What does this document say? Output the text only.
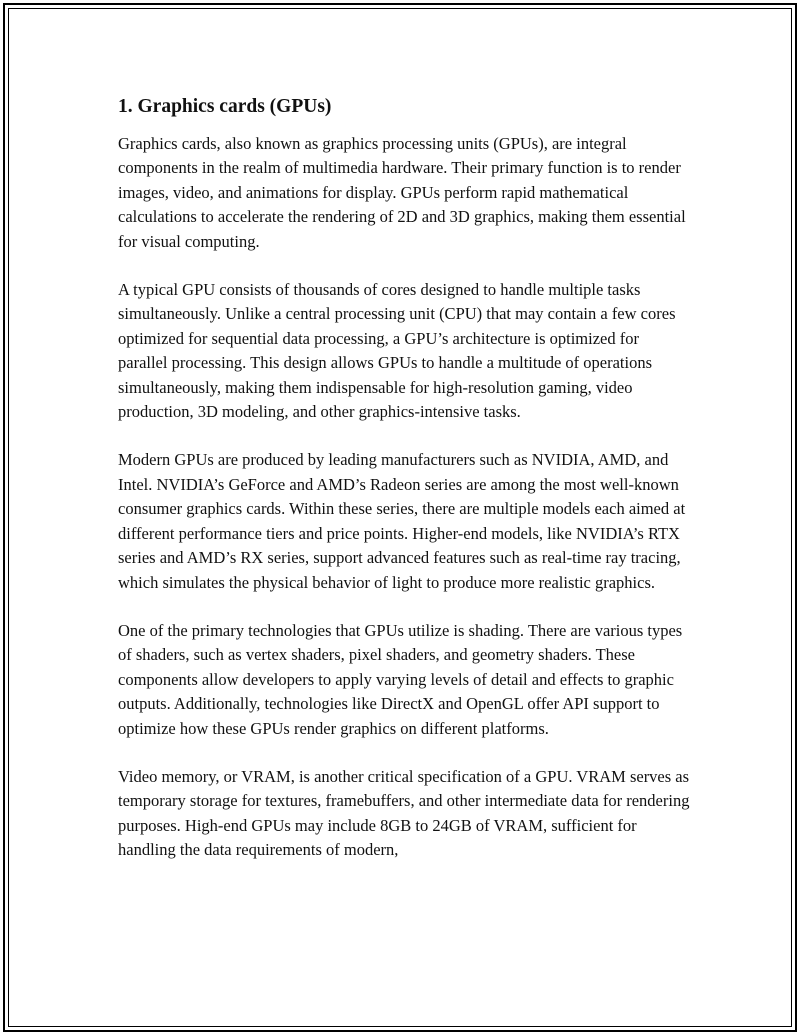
1. Graphics cards (GPUs)

Graphics cards, also known as graphics processing units (GPUs), are integral components in the realm of multimedia hardware. Their primary function is to render images, video, and animations for display. GPUs perform rapid mathematical calculations to accelerate the rendering of 2D and 3D graphics, making them essential for visual computing.

A typical GPU consists of thousands of cores designed to handle multiple tasks simultaneously. Unlike a central processing unit (CPU) that may contain a few cores optimized for sequential data processing, a GPU’s architecture is optimized for parallel processing. This design allows GPUs to handle a multitude of operations simultaneously, making them indispensable for high-resolution gaming, video production, 3D modeling, and other graphics-intensive tasks.

Modern GPUs are produced by leading manufacturers such as NVIDIA, AMD, and Intel. NVIDIA’s GeForce and AMD’s Radeon series are among the most well-known consumer graphics cards. Within these series, there are multiple models each aimed at different performance tiers and price points. Higher-end models, like NVIDIA’s RTX series and AMD’s RX series, support advanced features such as real-time ray tracing, which simulates the physical behavior of light to produce more realistic graphics.

One of the primary technologies that GPUs utilize is shading. There are various types of shaders, such as vertex shaders, pixel shaders, and geometry shaders. These components allow developers to apply varying levels of detail and effects to graphic outputs. Additionally, technologies like DirectX and OpenGL offer API support to optimize how these GPUs render graphics on different platforms.

Video memory, or VRAM, is another critical specification of a GPU. VRAM serves as temporary storage for textures, framebuffers, and other intermediate data for rendering purposes. High-end GPUs may include 8GB to 24GB of VRAM, sufficient for handling the data requirements of modern,
